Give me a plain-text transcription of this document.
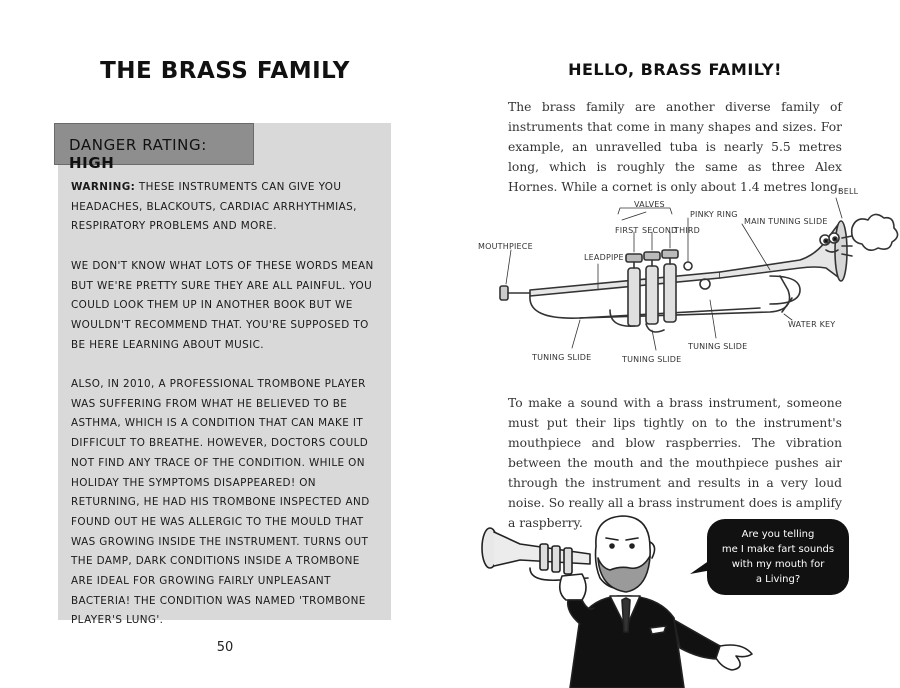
THE BRASS FAMILY
DANGER RATING: HIGH

WARNING: THESE INSTRUMENTS CAN GIVE YOU HEADACHES, BLACKOUTS, CARDIAC ARRHYTHMIAS, RESPIRATORY PROBLEMS AND MORE.

WE DON'T KNOW WHAT LOTS OF THESE WORDS MEAN BUT WE'RE PRETTY SURE THEY ARE ALL PAINFUL. YOU COULD LOOK THEM UP IN ANOTHER BOOK BUT WE WOULDN'T RECOMMEND THAT. YOU'RE SUPPOSED TO BE HERE LEARNING ABOUT MUSIC.

ALSO, IN 2010, A PROFESSIONAL TROMBONE PLAYER WAS SUFFERING FROM WHAT HE BELIEVED TO BE ASTHMA, WHICH IS A CONDITION THAT CAN MAKE IT DIFFICULT TO BREATHE. HOWEVER, DOCTORS COULD NOT FIND ANY TRACE OF THE CONDITION. WHILE ON HOLIDAY THE SYMPTOMS DISAPPEARED! ON RETURNING, HE HAD HIS TROMBONE INSPECTED AND FOUND OUT HE WAS ALLERGIC TO THE MOULD THAT WAS GROWING INSIDE THE INSTRUMENT. TURNS OUT THE DAMP, DARK CONDITIONS INSIDE A TROMBONE ARE IDEAL FOR GROWING FAIRLY UNPLEASANT BACTERIA! THE CONDITION WAS NAMED 'TROMBONE PLAYER'S LUNG'.

50
HELLO, BRASS FAMILY!

The brass family are another diverse family of instruments that come in many shapes and sizes. For example, an unravelled tuba is nearly 5.5 metres long, which is roughly the same as three Alex Hornes. While a cornet is only about 1.4 metres long.

BELL
VALVES
FIRST SECOND
THIRD
PINKY RING
MAIN TUNING SLIDE
MOUTHPIECE
LEADPIPE
WATER KEY
TUNING SLIDE	TUNING SLIDE
TUNING SLIDE

To make a sound with a brass instrument, someone must put their lips tightly on to the instrument's mouthpiece and blow raspberries. The vibration between the mouth and the mouthpiece pushes air through the instrument and results in a very loud noise. So really all a brass instrument does is amplify a raspberry.

Are you telling
me I make fart sounds
with my mouth for
a Living?
